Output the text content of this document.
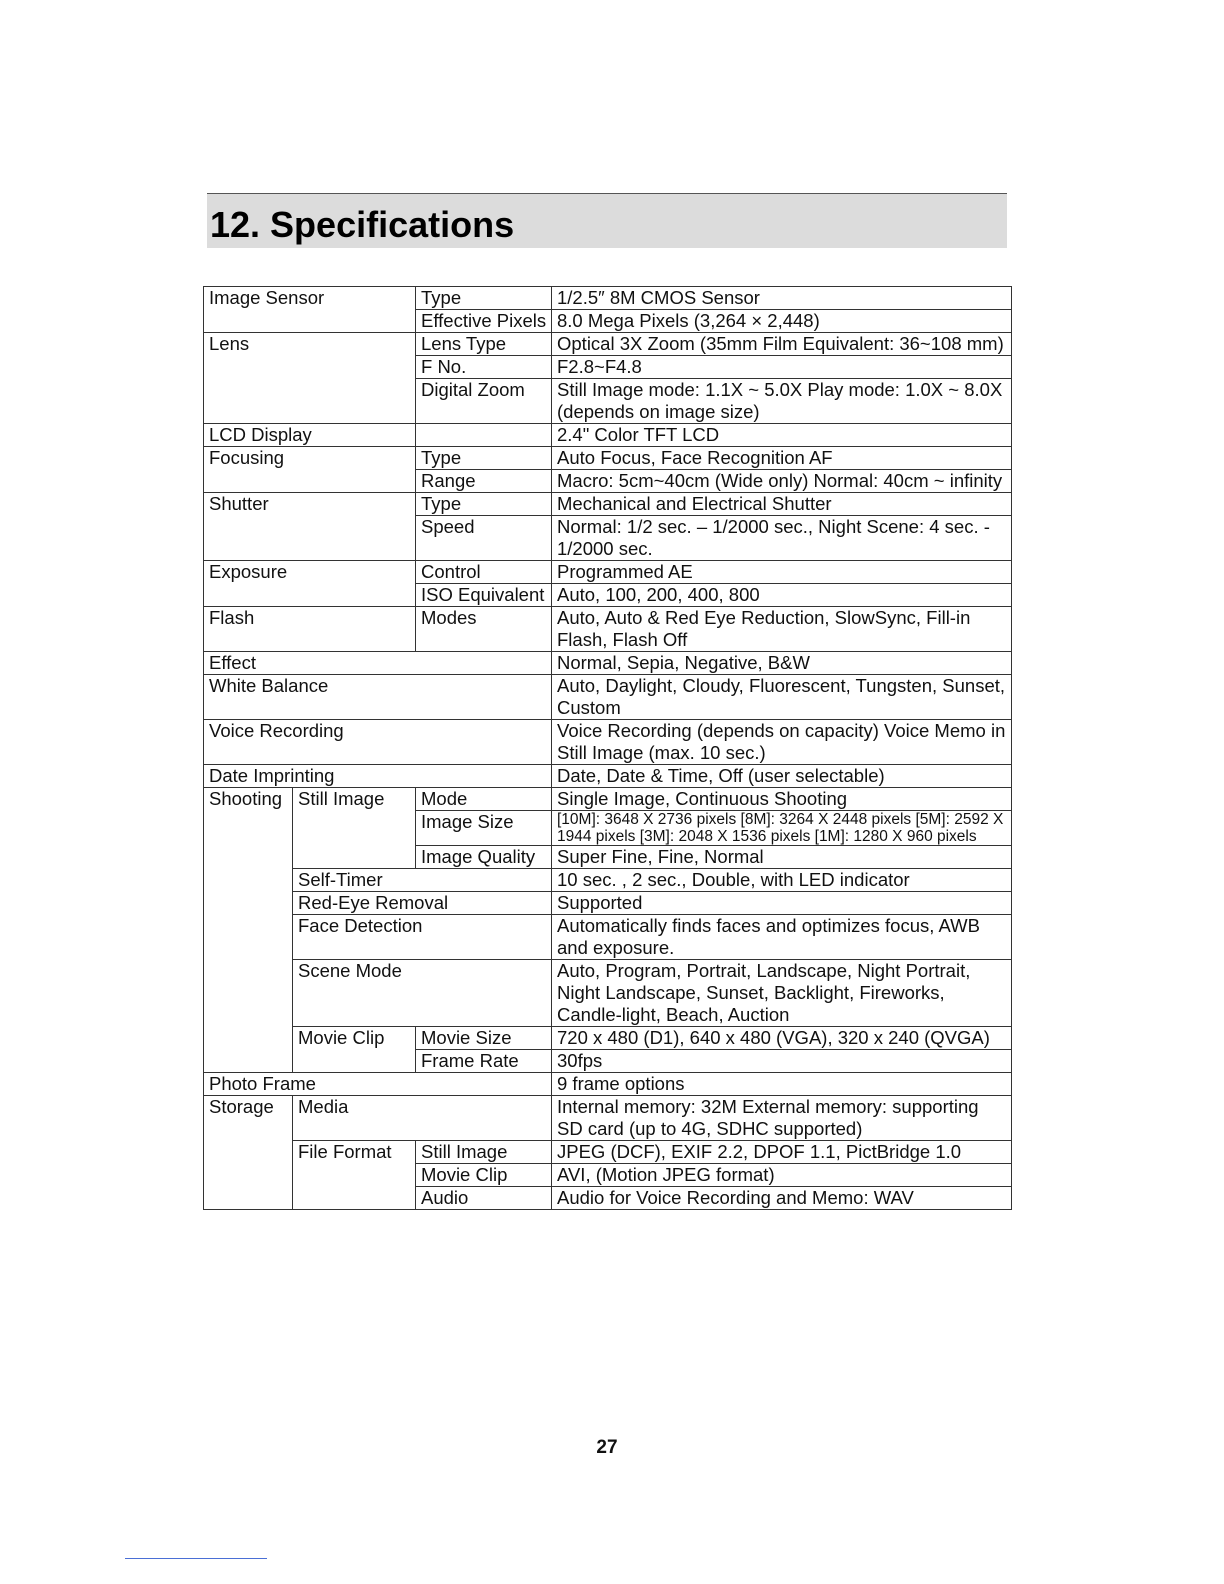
12. Specifications
Image Sensor		Type	1/2.5″ 8M CMOS Sensor
		Effective Pixels	8.0 Mega Pixels (3,264 × 2,448)
Lens		Lens Type	Optical 3X Zoom (35mm Film Equivalent: 36~108 mm)
		F No.	F2.8~F4.8
		Digital Zoom	Still Image mode: 1.1X ~ 5.0X Play mode: 1.0X ~ 8.0X (depends on image size)
LCD Display			2.4" Color TFT LCD
Focusing		Type	Auto Focus, Face Recognition AF
		Range	Macro: 5cm~40cm (Wide only) Normal: 40cm ~ infinity
Shutter		Type	Mechanical and Electrical Shutter
		Speed	Normal: 1/2 sec. – 1/2000 sec., Night Scene: 4 sec. - 1/2000 sec.
Exposure		Control	Programmed AE
		ISO Equivalent	Auto, 100, 200, 400, 800
Flash		Modes	Auto, Auto & Red Eye Reduction, SlowSync, Fill-in Flash, Flash Off
Effect			Normal, Sepia, Negative, B&W
White Balance			Auto, Daylight, Cloudy, Fluorescent, Tungsten, Sunset, Custom
Voice Recording			Voice Recording (depends on capacity) Voice Memo in Still Image (max. 10 sec.)
Date Imprinting			Date, Date & Time, Off (user selectable)
Shooting	Still Image	Mode	Single Image, Continuous Shooting
		Image Size	[10M]: 3648 X 2736 pixels [8M]: 3264 X 2448 pixels [5M]: 2592 X 1944 pixels [3M]: 2048 X 1536 pixels [1M]: 1280 X 960 pixels
		Image Quality	Super Fine, Fine, Normal
	Self-Timer		10 sec. , 2 sec., Double, with LED indicator
	Red-Eye Removal		Supported
	Face Detection		Automatically finds faces and optimizes focus, AWB and exposure.
	Scene Mode		Auto, Program, Portrait, Landscape, Night Portrait, Night Landscape, Sunset, Backlight, Fireworks, Candle-light, Beach, Auction
	Movie Clip	Movie Size	720 x 480 (D1), 640 x 480 (VGA), 320 x 240 (QVGA)
		Frame Rate	30fps
Photo Frame			9 frame options
Storage	Media		Internal memory: 32M External memory: supporting SD card (up to 4G, SDHC supported)
	File Format	Still Image	JPEG (DCF), EXIF 2.2, DPOF 1.1, PictBridge 1.0
		Movie Clip	AVI, (Motion JPEG format)
		Audio	Audio for Voice Recording and Memo: WAV
27
